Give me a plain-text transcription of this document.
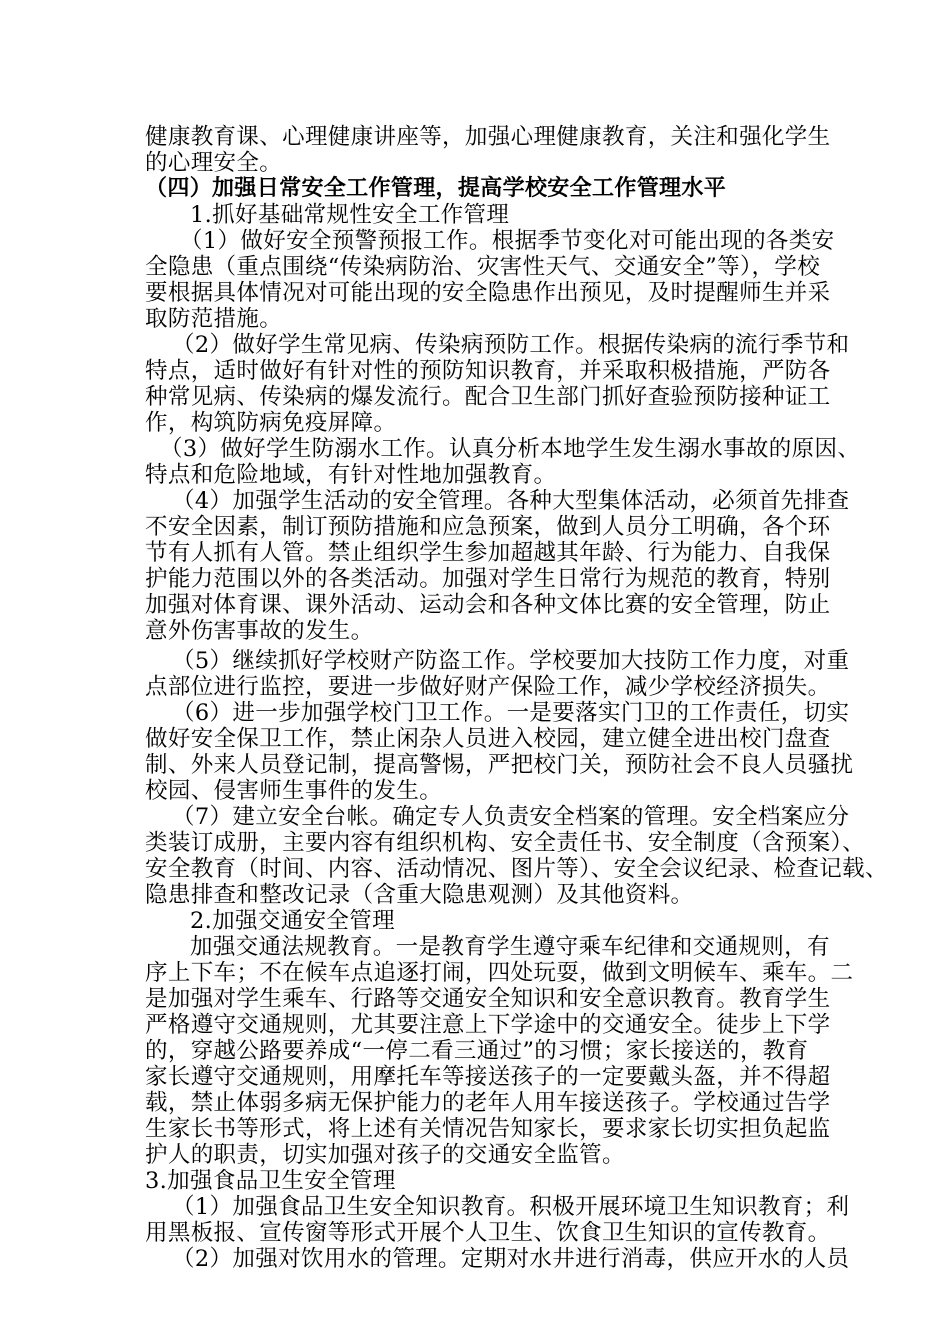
健康教育课、心理健康讲座等，加强心理健康教育，关注和强化学生
的心理安全。
（四）加强日常安全工作管理，提高学校安全工作管理水平
1.抓好基础常规性安全工作管理
（1）做好安全预警预报工作。根据季节变化对可能出现的各类安
全隐患（重点围绕“传染病防治、灾害性天气、交通安全”等），学校
要根据具体情况对可能出现的安全隐患作出预见，及时提醒师生并采
取防范措施。
（2）做好学生常见病、传染病预防工作。根据传染病的流行季节和
特点，适时做好有针对性的预防知识教育，并采取积极措施，严防各
种常见病、传染病的爆发流行。配合卫生部门抓好查验预防接种证工
作，构筑防病免疫屏障。
（3）做好学生防溺水工作。认真分析本地学生发生溺水事故的原因、
特点和危险地域，有针对性地加强教育。
（4）加强学生活动的安全管理。各种大型集体活动，必须首先排查
不安全因素，制订预防措施和应急预案，做到人员分工明确，各个环
节有人抓有人管。禁止组织学生参加超越其年龄、行为能力、自我保
护能力范围以外的各类活动。加强对学生日常行为规范的教育，特别
加强对体育课、课外活动、运动会和各种文体比赛的安全管理，防止
意外伤害事故的发生。
（5）继续抓好学校财产防盗工作。学校要加大技防工作力度，对重
点部位进行监控，要进一步做好财产保险工作，减少学校经济损失。
（6）进一步加强学校门卫工作。一是要落实门卫的工作责任，切实
做好安全保卫工作，禁止闲杂人员进入校园，建立健全进出校门盘查
制、外来人员登记制，提高警惕，严把校门关，预防社会不良人员骚扰
校园、侵害师生事件的发生。
（7）建立安全台帐。确定专人负责安全档案的管理。安全档案应分
类装订成册，主要内容有组织机构、安全责任书、安全制度（含预案）、
安全教育（时间、内容、活动情况、图片等）、安全会议纪录、检查记载、
隐患排查和整改记录（含重大隐患观测）及其他资料。
2.加强交通安全管理
加强交通法规教育。一是教育学生遵守乘车纪律和交通规则，有
序上下车；不在候车点追逐打闹，四处玩耍，做到文明候车、乘车。二
是加强对学生乘车、行路等交通安全知识和安全意识教育。教育学生
严格遵守交通规则，尤其要注意上下学途中的交通安全。徒步上下学
的，穿越公路要养成“一停二看三通过”的习惯；家长接送的，教育
家长遵守交通规则，用摩托车等接送孩子的一定要戴头盔，并不得超
载，禁止体弱多病无保护能力的老年人用车接送孩子。学校通过告学
生家长书等形式，将上述有关情况告知家长，要求家长切实担负起监
护人的职责，切实加强对孩子的交通安全监管。
3.加强食品卫生安全管理
（1）加强食品卫生安全知识教育。积极开展环境卫生知识教育；利
用黑板报、宣传窗等形式开展个人卫生、饮食卫生知识的宣传教育。
（2）加强对饮用水的管理。定期对水井进行消毒，供应开水的人员
